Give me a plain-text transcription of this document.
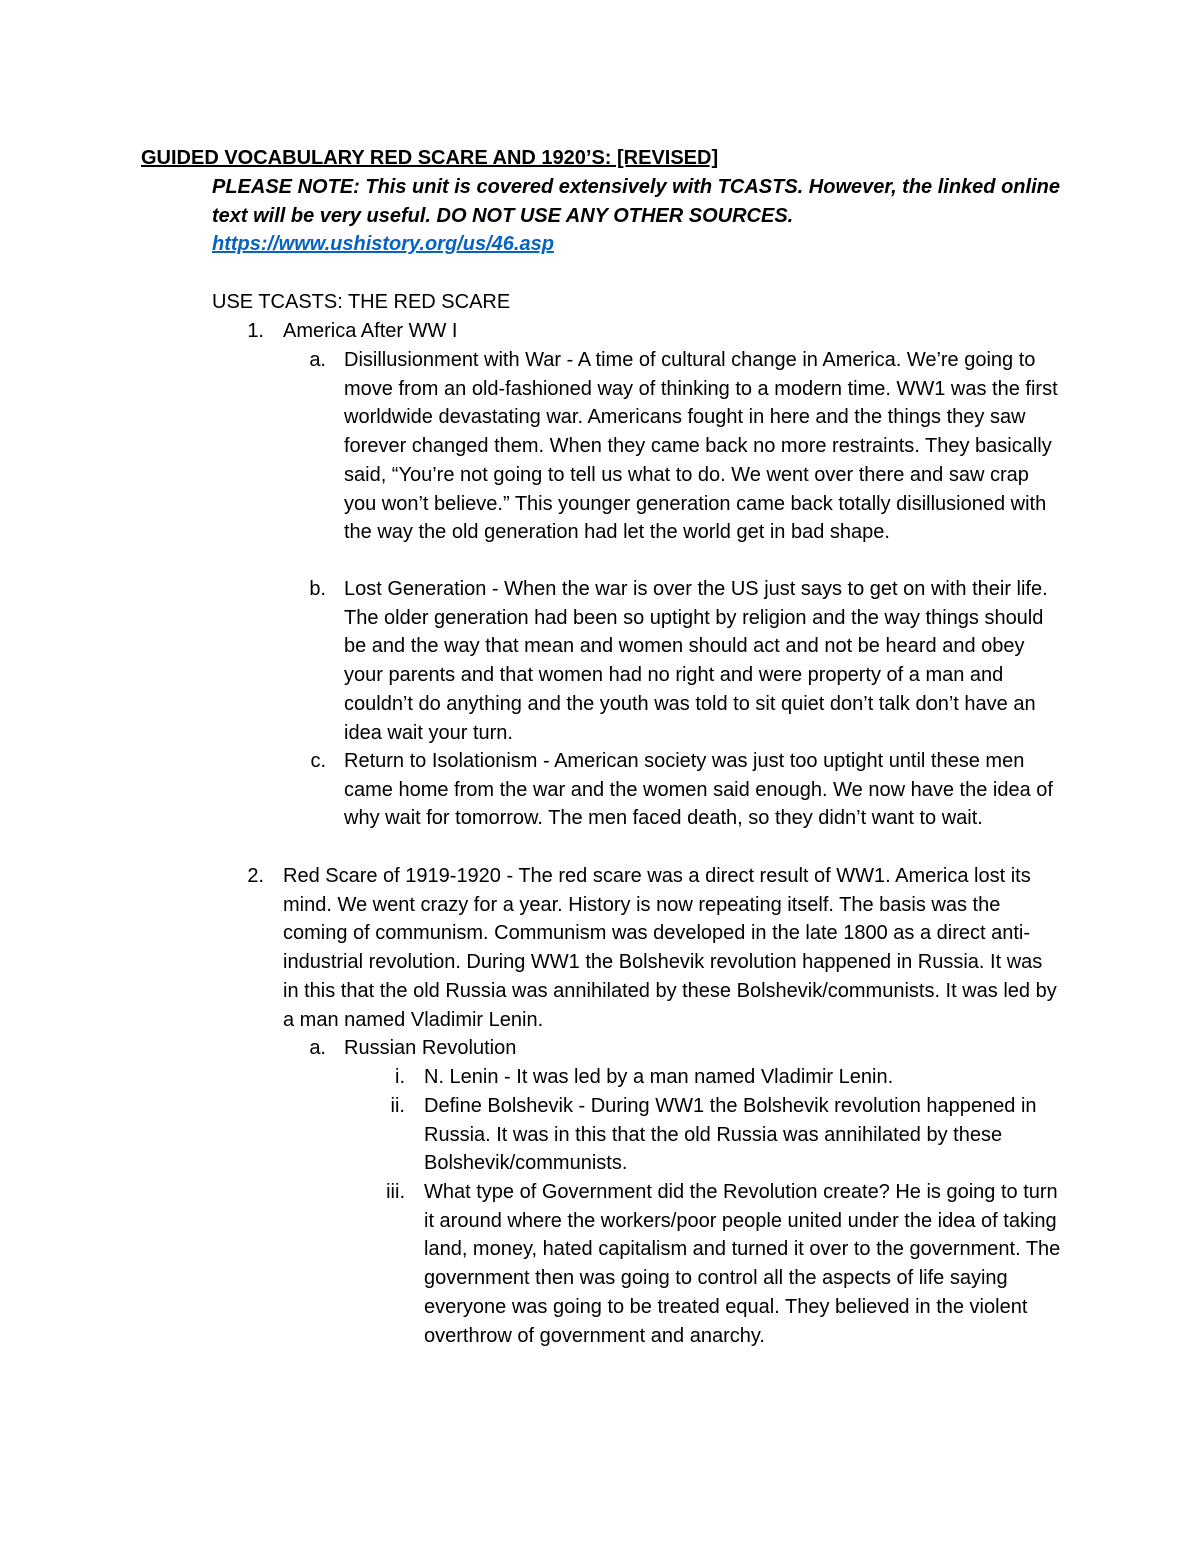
GUIDED VOCABULARY RED SCARE AND 1920’S: [REVISED]
PLEASE NOTE: This unit is covered extensively with TCASTS. However, the linked online text will be very useful. DO NOT USE ANY OTHER SOURCES.
https://www.ushistory.org/us/46.asp
USE TCASTS: THE RED SCARE
1. America After WW I
a. Disillusionment with War - A time of cultural change in America. We’re going to move from an old-fashioned way of thinking to a modern time. WW1 was the first worldwide devastating war. Americans fought in here and the things they saw forever changed them. When they came back no more restraints. They basically said, “You’re not going to tell us what to do. We went over there and saw crap you won’t believe.” This younger generation came back totally disillusioned with the way the old generation had let the world get in bad shape.
b. Lost Generation - When the war is over the US just says to get on with their life. The older generation had been so uptight by religion and the way things should be and the way that mean and women should act and not be heard and obey your parents and that women had no right and were property of a man and couldn’t do anything and the youth was told to sit quiet don’t talk don’t have an idea wait your turn.
c. Return to Isolationism - American society was just too uptight until these men came home from the war and the women said enough. We now have the idea of why wait for tomorrow. The men faced death, so they didn’t want to wait.
2. Red Scare of 1919-1920 - The red scare was a direct result of WW1. America lost its mind. We went crazy for a year. History is now repeating itself. The basis was the coming of communism. Communism was developed in the late 1800 as a direct anti-industrial revolution. During WW1 the Bolshevik revolution happened in Russia. It was in this that the old Russia was annihilated by these Bolshevik/communists. It was led by a man named Vladimir Lenin.
a. Russian Revolution
i. N. Lenin - It was led by a man named Vladimir Lenin.
ii. Define Bolshevik - During WW1 the Bolshevik revolution happened in Russia. It was in this that the old Russia was annihilated by these Bolshevik/communists.
iii. What type of Government did the Revolution create? He is going to turn it around where the workers/poor people united under the idea of taking land, money, hated capitalism and turned it over to the government. The government then was going to control all the aspects of life saying everyone was going to be treated equal. They believed in the violent overthrow of government and anarchy.
